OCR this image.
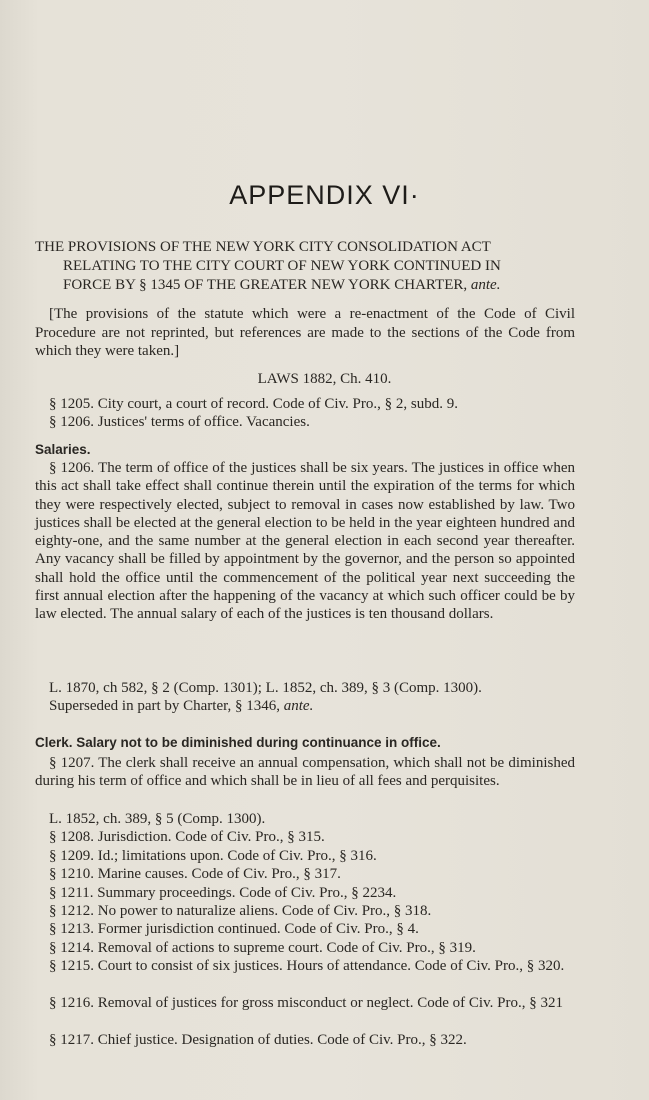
APPENDIX VI·
THE PROVISIONS OF THE NEW YORK CITY CONSOLIDATION ACT
RELATING TO THE CITY COURT OF NEW YORK CONTINUED IN
FORCE BY § 1345 OF THE GREATER NEW YORK CHARTER, ante.
[The provisions of the statute which were a re-enactment of the Code of Civil Procedure are not reprinted, but references are made to the sections of the Code from which they were taken.]
LAWS 1882, Ch. 410.
§ 1205. City court, a court of record. Code of Civ. Pro., § 2, subd. 9.
§ 1206. Justices' terms of office. Vacancies.
Salaries.
§ 1206. The term of office of the justices shall be six years. The justices in office when this act shall take effect shall continue therein until the expiration of the terms for which they were respectively elected, subject to removal in cases now established by law. Two justices shall be elected at the general election to be held in the year eighteen hundred and eighty-one, and the same number at the general election in each second year thereafter. Any vacancy shall be filled by appointment by the governor, and the person so appointed shall hold the office until the commencement of the political year next succeeding the first annual election after the happening of the vacancy at which such officer could be by law elected. The annual salary of each of the justices is ten thousand dollars.
L. 1870, ch 582, § 2 (Comp. 1301); L. 1852, ch. 389, § 3 (Comp. 1300).
Superseded in part by Charter, § 1346, ante.
Clerk. Salary not to be diminished during continuance in office.
§ 1207. The clerk shall receive an annual compensation, which shall not be diminished during his term of office and which shall be in lieu of all fees and perquisites.
L. 1852, ch. 389, § 5 (Comp. 1300).
§ 1208. Jurisdiction. Code of Civ. Pro., § 315.
§ 1209. Id.; limitations upon. Code of Civ. Pro., § 316.
§ 1210. Marine causes. Code of Civ. Pro., § 317.
§ 1211. Summary proceedings. Code of Civ. Pro., § 2234.
§ 1212. No power to naturalize aliens. Code of Civ. Pro., § 318.
§ 1213. Former jurisdiction continued. Code of Civ. Pro., § 4.
§ 1214. Removal of actions to supreme court. Code of Civ. Pro., § 319.
§ 1215. Court to consist of six justices. Hours of attendance. Code of Civ. Pro., § 320.
§ 1216. Removal of justices for gross misconduct or neglect. Code of Civ. Pro., § 321
§ 1217. Chief justice. Designation of duties. Code of Civ. Pro., § 322.
